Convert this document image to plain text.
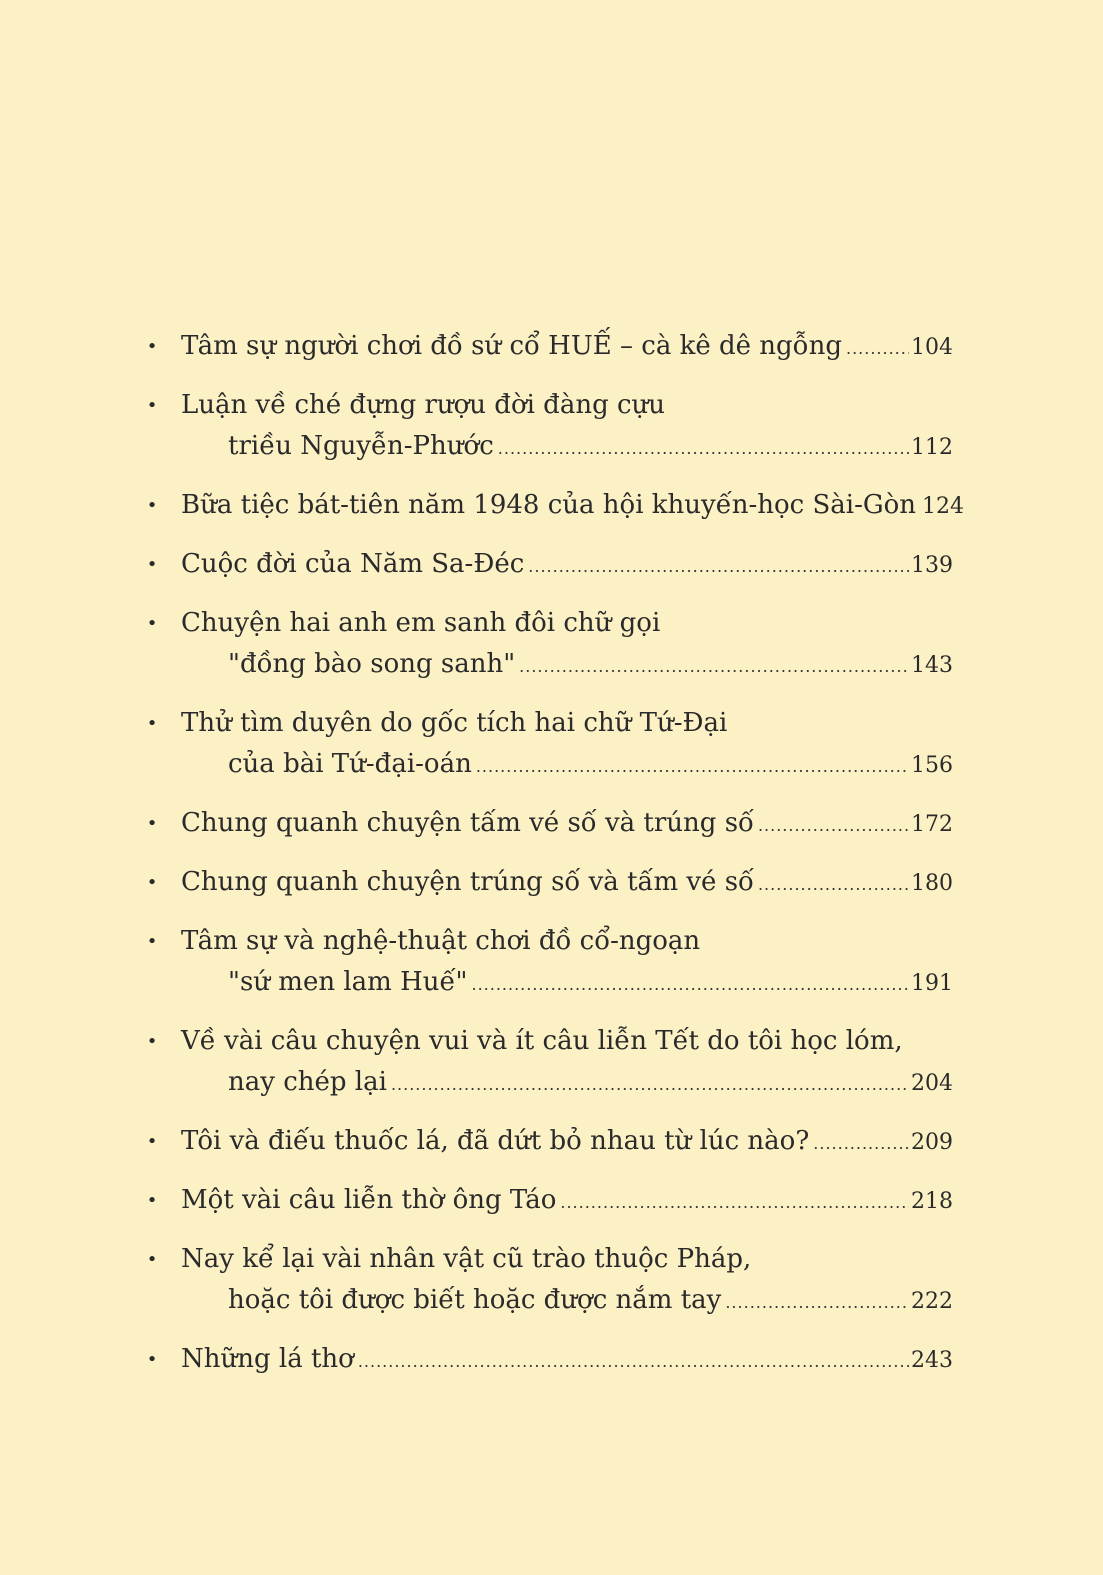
• Tâm sự người chơi đồ sứ cổ HUẾ – cà kê dê ngỗng .....	104
• Luận về ché đựng rượu đời đàng cựu
triều Nguyễn-Phước .....	112
• Bữa tiệc bát-tiên năm 1948 của hội khuyến-học Sài-Gòn 124
• Cuộc đời của Năm Sa-Đéc .....	139
• Chuyện hai anh em sanh đôi chữ gọi
"đồng bào song sanh" .....	143
• Thử tìm duyên do gốc tích hai chữ Tứ-Đại
của bài Tứ-đại-oán .....	156
• Chung quanh chuyện tấm vé số và trúng số .....	172
• Chung quanh chuyện trúng số và tấm vé số .....	180
• Tâm sự và nghệ-thuật chơi đồ cổ-ngoạn
"sứ men lam Huế" .....	191
• Về vài câu chuyện vui và ít câu liễn Tết do tôi học lóm,
nay chép lại .....	204
• Tôi và điếu thuốc lá, đã dứt bỏ nhau từ lúc nào? .....	209
• Một vài câu liễn thờ ông Táo .....	218
• Nay kể lại vài nhân vật cũ trào thuộc Pháp,
hoặc tôi được biết hoặc được nắm tay .....	222
• Những lá thơ .....	243
